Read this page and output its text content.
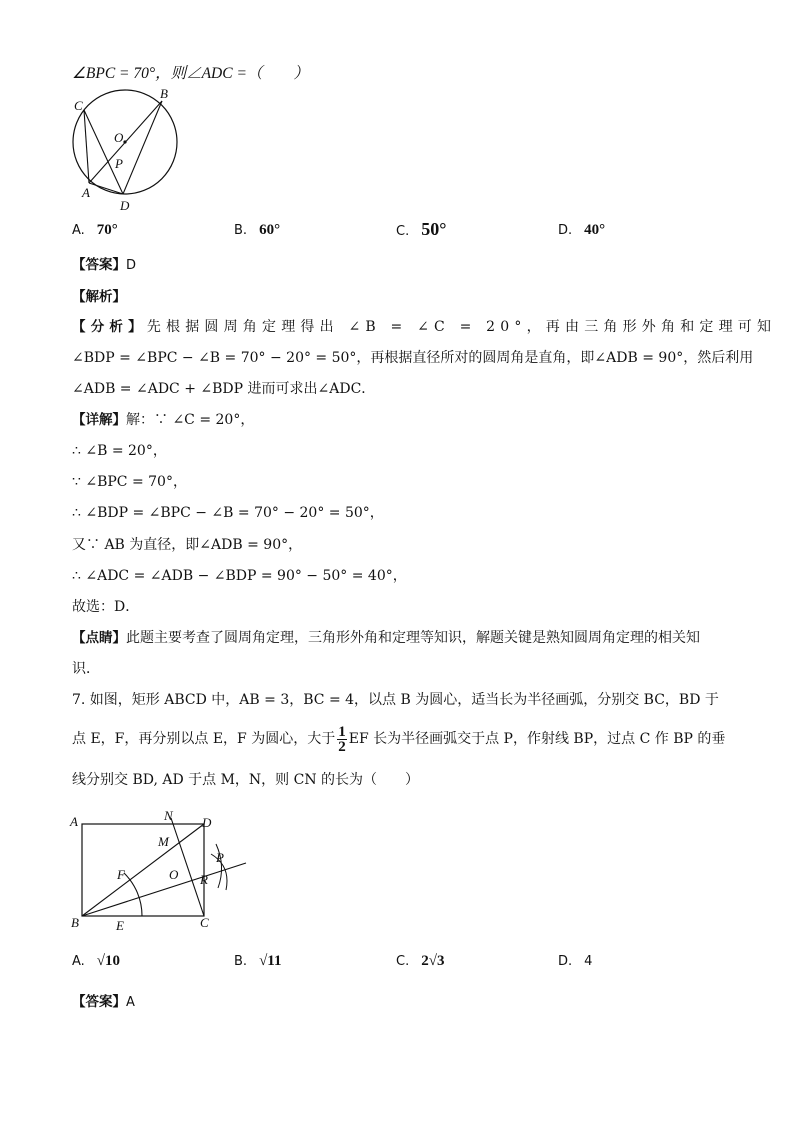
∠BPC = 70°，则∠ADC =（　　）
C
B
O
P
A
D
A. 70°	B. 60°	C. 50°	D. 40°
【答案】D
【解析】
【分析】先根据圆周角定理得出 ∠B = ∠C = 20°，再由三角形外角和定理可知
∠BDP = ∠BPC − ∠B = 70° − 20° = 50°，再根据直径所对的圆周角是直角，即∠ADB = 90°，然后利用
∠ADB = ∠ADC + ∠BDP 进而可求出∠ADC．
【详解】解：∵ ∠C = 20°，
∴ ∠B = 20°，
∵ ∠BPC = 70°，
∴ ∠BDP = ∠BPC − ∠B = 70° − 20° = 50°，
又∵ AB 为直径，即∠ADB = 90°，
∴ ∠ADC = ∠ADB − ∠BDP = 90° − 50° = 40°，
故选：D．
【点睛】此题主要考查了圆周角定理，三角形外角和定理等知识，解题关键是熟知圆周角定理的相关知
识．
7. 如图，矩形 ABCD 中，AB = 3，BC = 4，以点 B 为圆心，适当长为半径画弧，分别交 BC，BD 于
点 E，F，再分别以点 E，F 为圆心，大于 $\frac{1}{2}$ EF 长为半径画弧交于点 P，作射线 BP，过点 C 作 BP 的垂
线分别交 BD, AD 于点 M，N，则 CN 的长为（　　）
A	N D
M
P
F	O R
B	E	C
A. √10	B. √11	C. 2√3	D. 4
【答案】A
